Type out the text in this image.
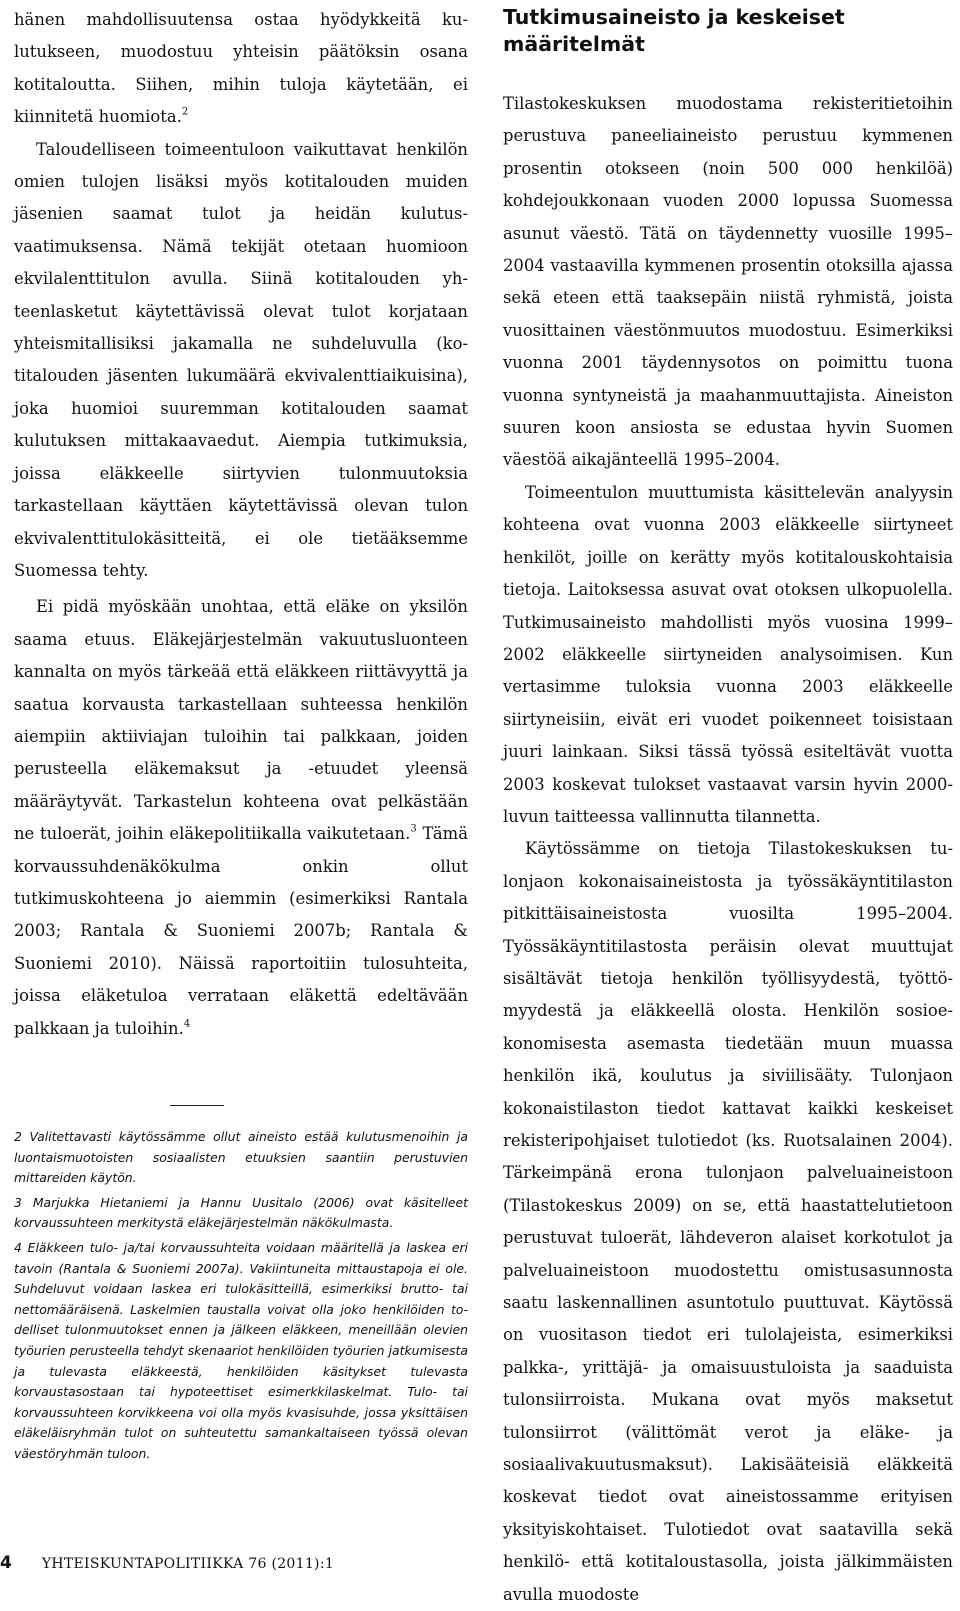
hänen mahdollisuutensa ostaa hyödykkeitä kulutukseen, muodostuu yhteisin päätöksin osana kotitaloutta. Siihen, mihin tuloja käytetään, ei kiinnitetä huomiota.$^2$

Taloudelliseen toimeentuloon vaikuttavat henkilön omien tulojen lisäksi myös kotitalouden muiden jäsenien saamat tulot ja heidän kulutusvaatimuksensa. Nämä tekijät otetaan huomioon ekvilalenttitulon avulla. Siinä kotitalouden yhteenlasketut käytettävissä olevat tulot korjataan yhteismitallisiksi jakamalla ne suhdeluvulla (kotitalouden jäsenten lukumäärä ekvivalenttiaikuisina), joka huomioi suuremman kotitalouden saamat kulutuksen mittakaavaedut. Aiempia tutkimuksia, joissa eläkkeelle siirtyvien tulonmuutoksia tarkastellaan käyttäen käytettävissä olevan tulon ekvivalenttitulokäsitteitä, ei ole tietääksemme Suomessa tehty.

Ei pidä myöskään unohtaa, että eläke on yksilön saama etuus. Eläkejärjestelmän vakuutusluonteen kannalta on myös tärkeää että eläkkeen riittävyyttä ja saatua korvausta tarkastellaan suhteessa henkilön aiempiin aktiiviajan tuloihin tai palkkaan, joiden perusteella eläkemaksut ja -etuudet yleensä määräytyvät. Tarkastelun kohteena ovat pelkästään ne tuloerät, joihin eläkepolitiikalla vaikutetaan.$^3$ Tämä korvaussuhdenäkökulma onkin ollut tutkimuskohteena jo aiemmin (esimerkiksi Rantala 2003; Rantala & Suoniemi 2007b; Rantala & Suoniemi 2010). Näissä raportoitiin tulosuhteita, joissa eläketuloa verrataan eläkettä edeltävään palkkaan ja tuloihin.$^4$

Tutkimusaineisto ja keskeiset määritelmät

Tilastokeskuksen muodostama rekisteritietoihin perustuva paneeliaineisto perustuu kymmenen prosentin otokseen (noin 500 000 henkilöä) kohdejoukkonaan vuoden 2000 lopussa Suomessa asunut väestö. Tätä on täydennetty vuosille 1995–2004 vastaavilla kymmenen prosentin otoksilla ajassa sekä eteen että taaksepäin niistä ryhmistä, joista vuosittainen väestönmuutos muodostuu. Esimerkiksi vuonna 2001 täydennysotos on poimittu tuona vuonna syntyneistä ja maahanmuuttajista. Aineiston suuren koon ansiosta se edustaa hyvin Suomen väestöä aikajänteellä 1995–2004.

Toimeentulon muuttumista käsittelevän analyysin kohteena ovat vuonna 2003 eläkkeelle siirtyneet henkilöt, joille on kerätty myös kotitalouskohtaisia tietoja. Laitoksessa asuvat ovat otoksen ulkopuolella. Tutkimusaineisto mahdollisti myös vuosina 1999–2002 eläkkeelle siirtyneiden analysoimisen. Kun vertasimme tuloksia vuonna 2003 eläkkeelle siirtyneisiin, eivät eri vuodet poikenneet toisistaan juuri lainkaan. Siksi tässä työssä esiteltävät vuotta 2003 koskevat tulokset vastaavat varsin hyvin 2000-luvun taitteessa vallinnutta tilannetta.

Käytössämme on tietoja Tilastokeskuksen tulonjaon kokonaisaineistosta ja työssäkäyntitilaston pitkittäisaineistosta vuosilta 1995–2004. Työssäkäyntitilastosta peräisin olevat muuttujat sisältävät tietoja henkilön työllisyydestä, työttömyydestä ja eläkkeellä olosta. Henkilön sosioekonomisesta asemasta tiedetään muun muassa henkilön ikä, koulutus ja siviilisääty. Tulonjaon kokonaistilaston tiedot kattavat kaikki keskeiset rekisteripohjaiset tulotiedot (ks. Ruotsalainen 2004). Tärkeimpänä erona tulonjaon palveluaineistoon (Tilastokeskus 2009) on se, että haastattelutietoon perustuvat tuloerät, lähdeveron alaiset korkotulot ja palveluaineistoon muodostettu omistusasunnosta saatu laskennallinen asuntotulo puuttuvat. Käytössä on vuositason tiedot eri tulolajeista, esimerkiksi palkka-, yrittäjä- ja omaisuustuloista ja saaduista tulonsiirroista. Mukana ovat myös maksetut tulonsiirrot (välittömät verot ja eläke- ja sosiaalivakuutusmaksut). Lakisääteisiä eläkkeitä koskevat tiedot ovat aineistossamme erityisen yksityiskohtaiset. Tulotiedot ovat saatavilla sekä henkilö- että kotitaloustasolla, joista jälkimmäisten avulla muodoste

2 Valitettavasti käytössämme ollut aineisto estää kulutusmenoihin ja luontaismuotoisten sosiaalisten etuuksien saantiin perustuvien mittareiden käytön.

3 Marjukka Hietaniemi ja Hannu Uusitalo (2006) ovat käsitelleet korvaussuhteen merkitystä eläkejärjestelmän näkökulmasta.

4 Eläkkeen tulo- ja/tai korvaussuhteita voidaan määritellä ja laskea eri tavoin (Rantala & Suoniemi 2007a). Vakiintuneita mittaustapoja ei ole. Suhdeluvut voidaan laskea eri tulokäsitteillä, esimerkiksi brutto- tai nettomääräisenä. Laskelmien taustalla voivat olla joko henkilöiden todelliset tulonmuutokset ennen ja jälkeen eläkkeen, meneillään olevien työurien perusteella tehdyt skenaariot henkilöiden työurien jatkumisesta ja tulevasta eläkkeestä, henkilöiden käsitykset tulevasta korvaustasostaan tai hypoteettiset esimerkkilaskelmat. Tulo- tai korvaussuhteen korvikkeena voi olla myös kvasisuhde, jossa yksittäisen eläkeläisryhmän tulot on suhteutettu samankaltaiseen työssä olevan väestöryhmän tuloon.

4 YHTEISKUNTAPOLITIIKKA 76 (2011):1
